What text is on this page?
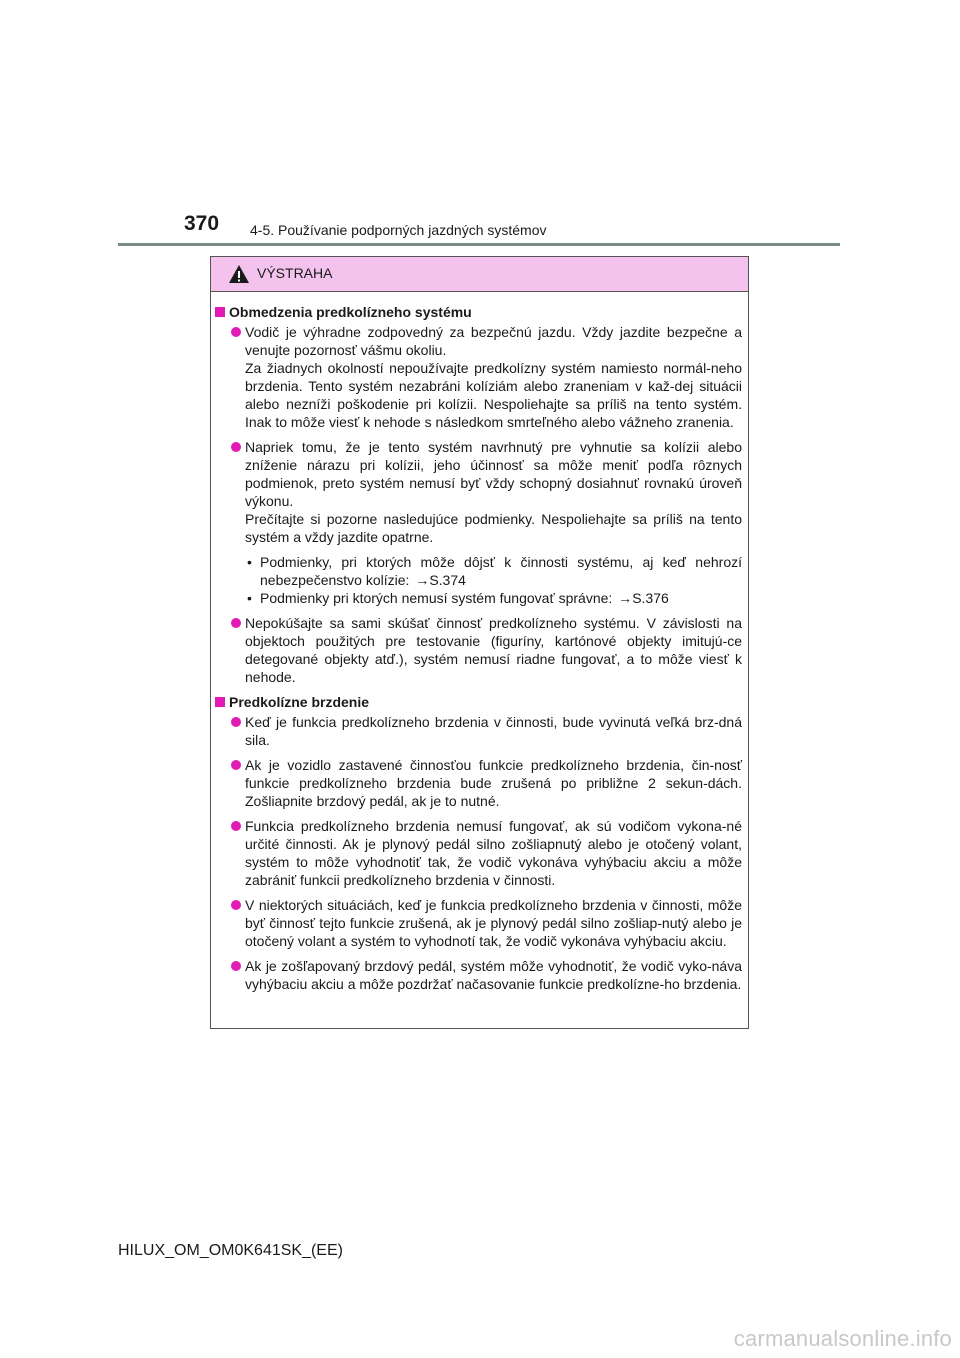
370 4-5. Používanie podporných jazdných systémov
VÝSTRAHA
Obmedzenia predkolízneho systému
Vodič je výhradne zodpovedný za bezpečnú jazdu. Vždy jazdite bezpečne a venujte pozornosť vášmu okoliu.
Za žiadnych okolností nepoužívajte predkolízny systém namiesto normál-neho brzdenia. Tento systém nezabráni kolíziám alebo zraneniam v kaž-dej situácii alebo nezníži poškodenie pri kolízii. Nespoliehajte sa príliš na tento systém. Inak to môže viesť k nehode s následkom smrteľného alebo vážneho zranenia.
Napriek tomu, že je tento systém navrhnutý pre vyhnutie sa kolízii alebo zníženie nárazu pri kolízii, jeho účinnosť sa môže meniť podľa rôznych podmienok, preto systém nemusí byť vždy schopný dosiahnuť rovnakú úroveň výkonu.
Prečítajte si pozorne nasledujúce podmienky. Nespoliehajte sa príliš na tento systém a vždy jazdite opatrne.
• Podmienky, pri ktorých môže dôjsť k činnosti systému, aj keď nehrozí nebezpečenstvo kolízie: →S.374
• Podmienky pri ktorých nemusí systém fungovať správne: →S.376
Nepokúšajte sa sami skúšať činnosť predkolízneho systému. V závislosti na objektoch použitých pre testovanie (figuríny, kartónové objekty imitujú-ce detegované objekty atď.), systém nemusí riadne fungovať, a to môže viesť k nehode.
Predkolízne brzdenie
Keď je funkcia predkolízneho brzdenia v činnosti, bude vyvinutá veľká brz-dná sila.
Ak je vozidlo zastavené činnosťou funkcie predkolízneho brzdenia, čin-nosť funkcie predkolízneho brzdenia bude zrušená po približne 2 sekun-dách. Zošliapnite brzdový pedál, ak je to nutné.
Funkcia predkolízneho brzdenia nemusí fungovať, ak sú vodičom vykona-né určité činnosti. Ak je plynový pedál silno zošliapnutý alebo je otočený volant, systém to môže vyhodnotiť tak, že vodič vykonáva vyhýbaciu akciu a môže zabrániť funkcii predkolízneho brzdenia v činnosti.
V niektorých situáciách, keď je funkcia predkolízneho brzdenia v činnosti, môže byť činnosť tejto funkcie zrušená, ak je plynový pedál silno zošliap-nutý alebo je otočený volant a systém to vyhodnotí tak, že vodič vykonáva vyhýbaciu akciu.
Ak je zošľapovaný brzdový pedál, systém môže vyhodnotiť, že vodič vyko-náva vyhýbaciu akciu a môže pozdržať načasovanie funkcie predkolízne-ho brzdenia.
HILUX_OM_OM0K641SK_(EE)
carmanualsonline.info
